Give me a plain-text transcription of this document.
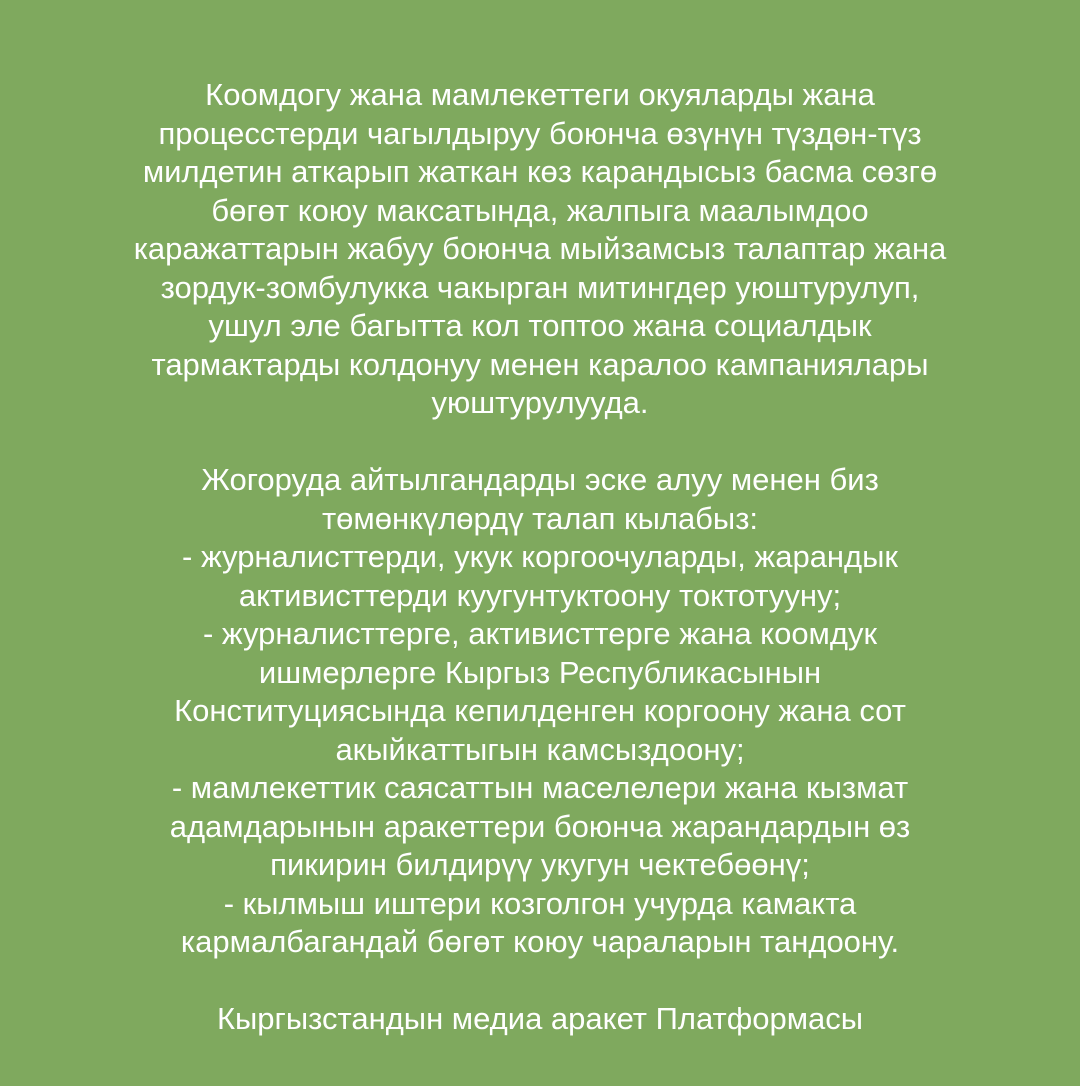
Коомдогу жана мамлекеттеги окуяларды жана
процесстерди чагылдыруу боюнча өзүнүн түздөн-түз
милдетин аткарып жаткан көз карандысыз басма сөзгө
бөгөт коюу максатында, жалпыга маалымдоо
каражаттарын жабуу боюнча мыйзамсыз талаптар жана
зордук-зомбулукка чакырган митингдер уюштурулуп,
ушул эле багытта кол топтоо жана социалдык
тармактарды колдонуу менен каралоо кампаниялары
уюштурулууда.
Жогоруда айтылгандарды эске алуу менен биз
төмөнкүлөрдү талап кылабыз:
- журналисттерди, укук коргоочуларды, жарандык
активисттерди куугунтуктоону токтотууну;
- журналисттерге, активисттерге жана коомдук
ишмерлерге Кыргыз Республикасынын
Конституциясында кепилденген коргоону жана сот
акыйкаттыгын камсыздоону;
- мамлекеттик саясаттын маселелери жана кызмат
адамдарынын аракеттери боюнча жарандардын өз
пикирин билдирүү укугун чектебөөнү;
- кылмыш иштери козголгон учурда камакта
кармалбагандай бөгөт коюу чараларын тандоону.
Кыргызстандын медиа аракет Платформасы
